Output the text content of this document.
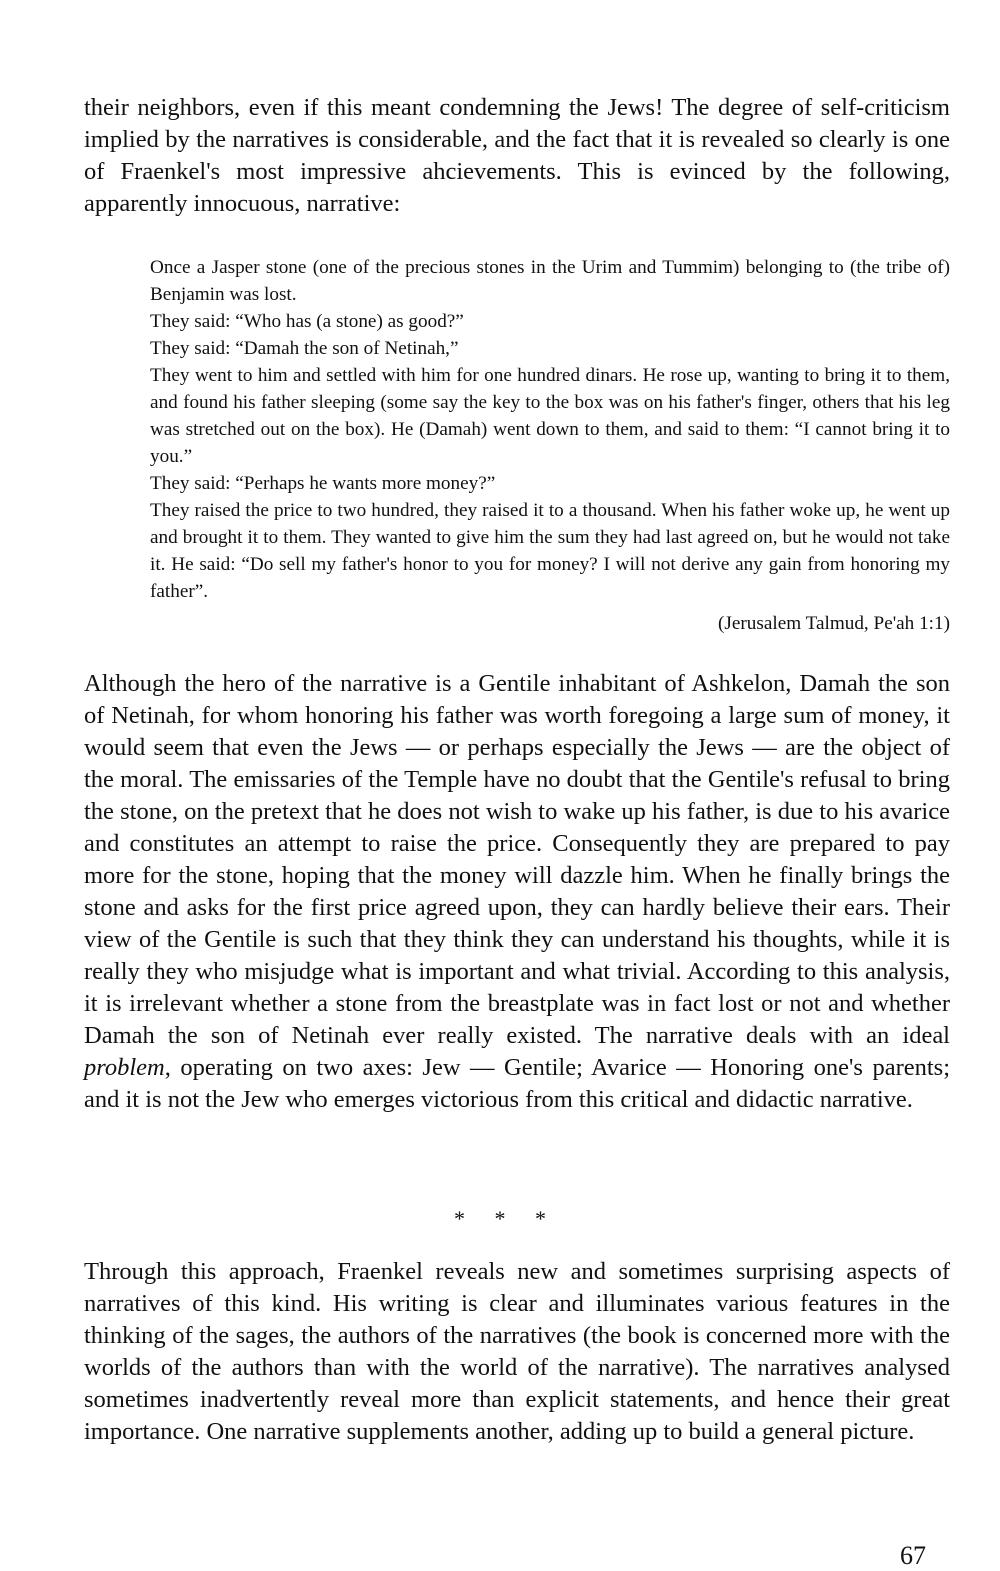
their neighbors, even if this meant condemning the Jews! The degree of self-criticism implied by the narratives is considerable, and the fact that it is revealed so clearly is one of Fraenkel's most impressive ahcievements. This is evinced by the following, apparently innocuous, narrative:

Once a Jasper stone (one of the precious stones in the Urim and Tummim) belonging to (the tribe of) Benjamin was lost.

They said: “Who has (a stone) as good?”

They said: “Damah the son of Netinah,”

They went to him and settled with him for one hundred dinars. He rose up, wanting to bring it to them, and found his father sleeping (some say the key to the box was on his father's finger, others that his leg was stretched out on the box). He (Damah) went down to them, and said to them: “I cannot bring it to you.”

They said: “Perhaps he wants more money?”

They raised the price to two hundred, they raised it to a thousand. When his father woke up, he went up and brought it to them. They wanted to give him the sum they had last agreed on, but he would not take it. He said: “Do sell my father's honor to you for money? I will not derive any gain from honoring my father”.

(Jerusalem Talmud, Pe'ah 1:1)

Although the hero of the narrative is a Gentile inhabitant of Ashkelon, Damah the son of Netinah, for whom honoring his father was worth foregoing a large sum of money, it would seem that even the Jews — or perhaps especially the Jews — are the object of the moral. The emissaries of the Temple have no doubt that the Gentile's refusal to bring the stone, on the pretext that he does not wish to wake up his father, is due to his avarice and constitutes an attempt to raise the price. Consequently they are prepared to pay more for the stone, hoping that the money will dazzle him. When he finally brings the stone and asks for the first price agreed upon, they can hardly believe their ears. Their view of the Gentile is such that they think they can understand his thoughts, while it is really they who misjudge what is important and what trivial. According to this analysis, it is irrelevant whether a stone from the breastplate was in fact lost or not and whether Damah the son of Netinah ever really existed. The narrative deals with an ideal problem, operating on two axes: Jew — Gentile; Avarice — Honoring one's parents; and it is not the Jew who emerges victorious from this critical and didactic narrative.

* * *

Through this approach, Fraenkel reveals new and sometimes surprising aspects of narratives of this kind. His writing is clear and illuminates various features in the thinking of the sages, the authors of the narratives (the book is concerned more with the worlds of the authors than with the world of the narrative). The narratives analysed sometimes inadvertently reveal more than explicit statements, and hence their great importance. One narrative supplements another, adding up to build a general picture.

67
